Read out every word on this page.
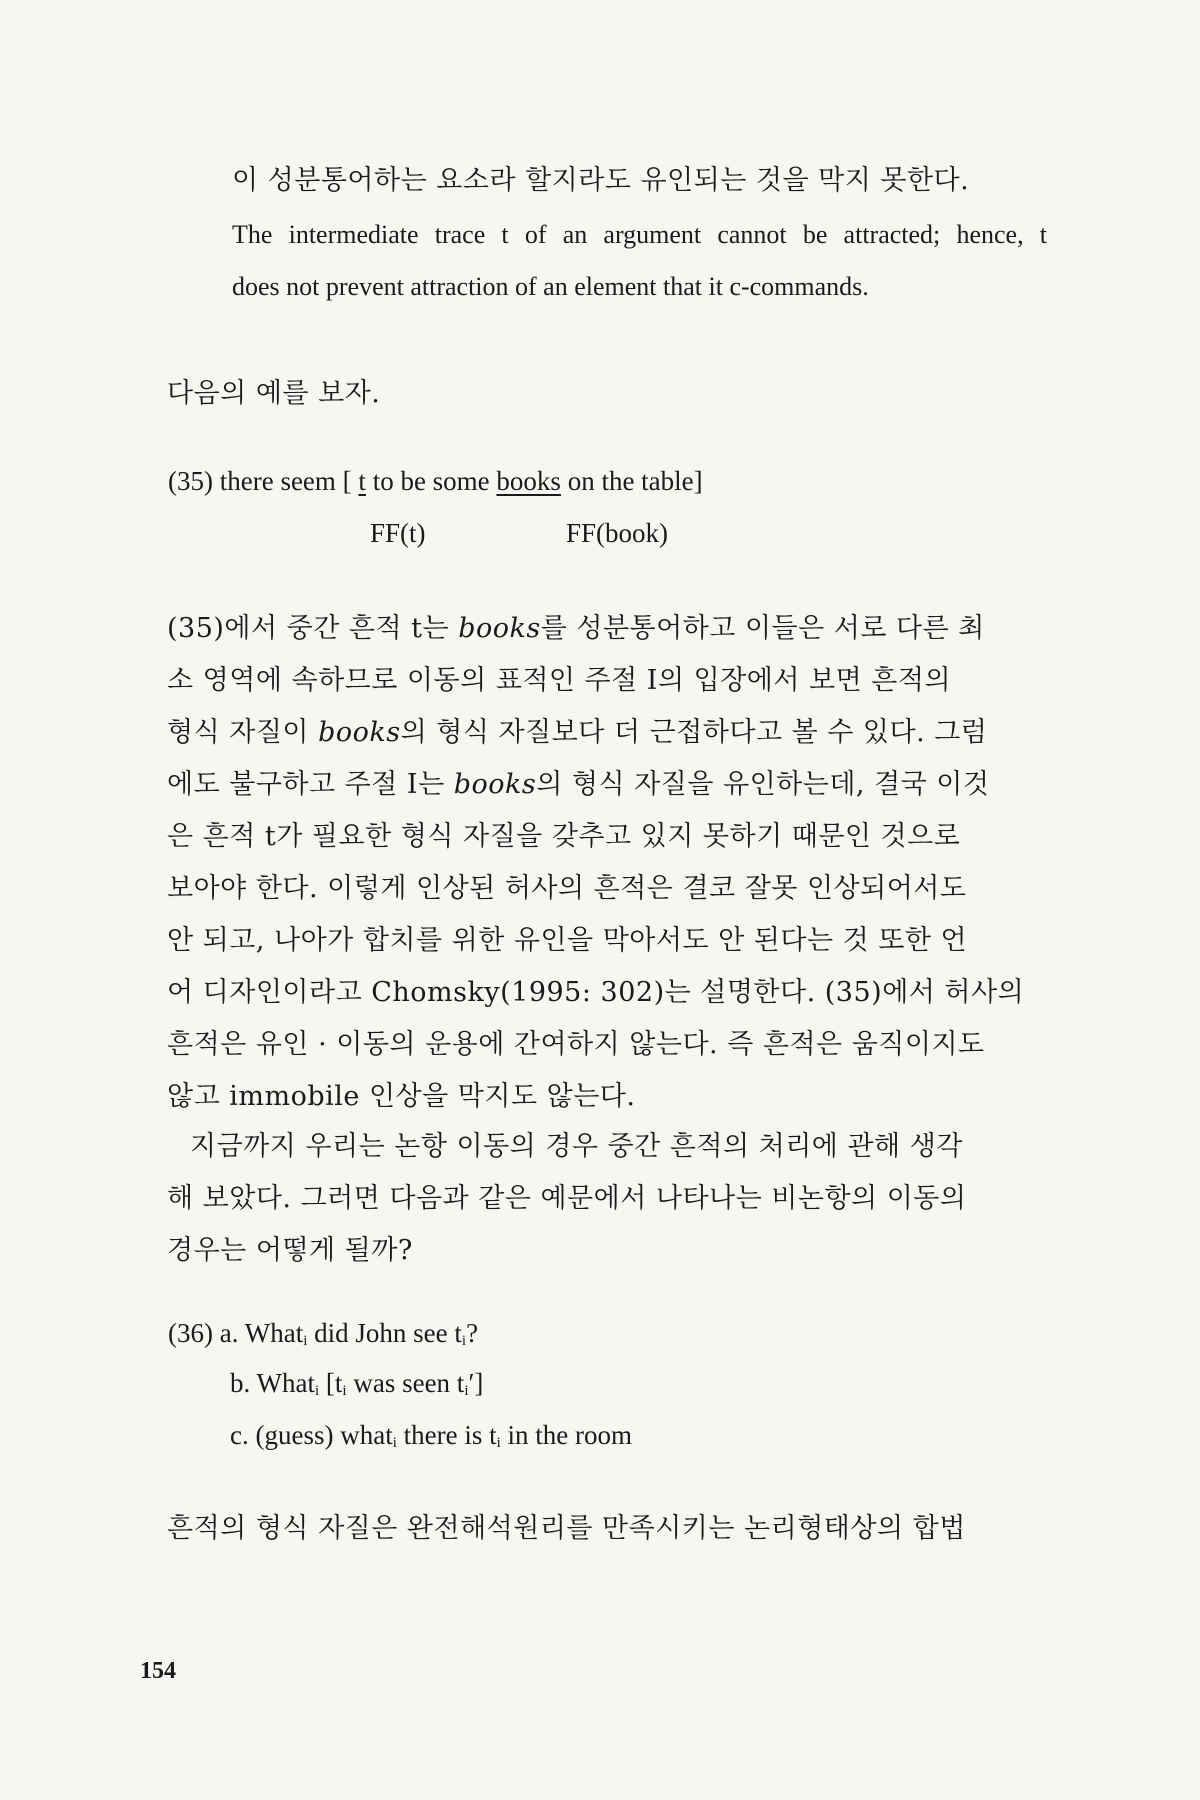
이 성분통어하는 요소라 할지라도 유인되는 것을 막지 못한다.
The intermediate trace t of an argument cannot be attracted; hence, t
does not prevent attraction of an element that it c-commands.
다음의 예를 보자.
(35) there seem [ t to be some books on the table]
FF(t)	FF(book)
(35)에서 중간 흔적 t는 books를 성분통어하고 이들은 서로 다른 최
소 영역에 속하므로 이동의 표적인 주절 I의 입장에서 보면 흔적의
형식 자질이 books의 형식 자질보다 더 근접하다고 볼 수 있다. 그럼
에도 불구하고 주절 I는 books의 형식 자질을 유인하는데, 결국 이것
은 흔적 t가 필요한 형식 자질을 갖추고 있지 못하기 때문인 것으로
보아야 한다. 이렇게 인상된 허사의 흔적은 결코 잘못 인상되어서도
안 되고, 나아가 합치를 위한 유인을 막아서도 안 된다는 것 또한 언
어 디자인이라고 Chomsky(1995: 302)는 설명한다. (35)에서 허사의
흔적은 유인 · 이동의 운용에 간여하지 않는다. 즉 흔적은 움직이지도
않고 immobile 인상을 막지도 않는다.
지금까지 우리는 논항 이동의 경우 중간 흔적의 처리에 관해 생각
해 보았다. 그러면 다음과 같은 예문에서 나타나는 비논항의 이동의
경우는 어떻게 될까?
(36) a. What$_i$ did John see $t_i$?
b. What$_i$ [$t_i$ was seen $t_i'$]
c. (guess) what$_i$ there is $t_i$ in the room
흔적의 형식 자질은 완전해석원리를 만족시키는 논리형태상의 합법
154
